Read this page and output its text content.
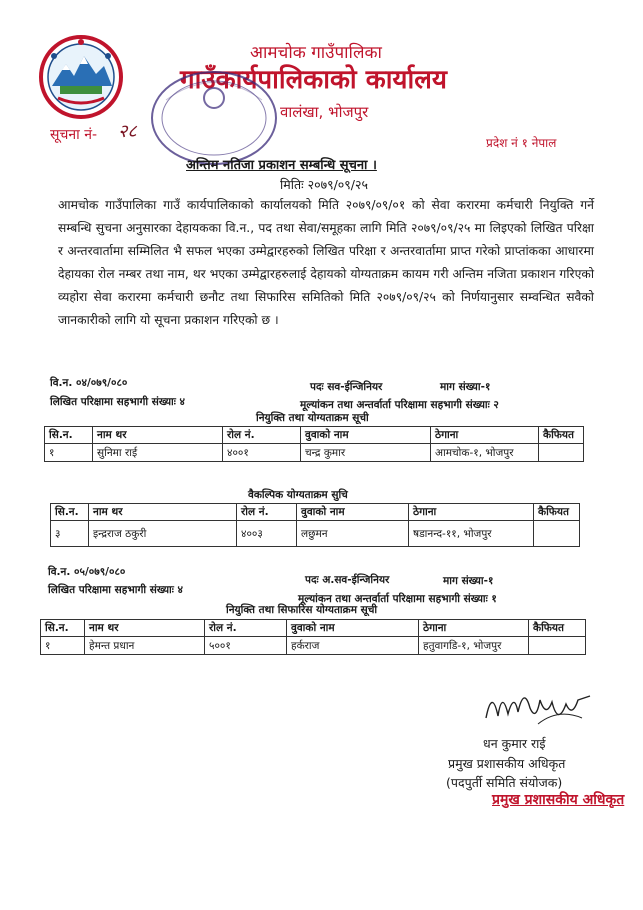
आमचोक गाउँपालिका
गाउँकार्यपालिकाको कार्यालय
वालंखा, भोजपुर
सूचना नं- २८
प्रदेश नं १ नेपाल
अन्तिम नतिजा प्रकाशन सम्बन्धि सूचना ।
मितिः २०७९/०९/२५
आमचोक गाउँपालिका गाउँ कार्यपालिकाको कार्यालयको मिति २०७९/०९/०१ को सेवा करारमा कर्मचारी नियुक्ति गर्ने सम्बन्धि सुचना अनुसारका देहायकका वि.न., पद तथा सेवा/समूहका लागि मिति २०७९/०९/२५ मा लिइएको लिखित परिक्षा र अन्तरवार्तामा सम्मिलित भै सफल भएका उम्मेद्वारहरुको लिखित परिक्षा र अन्तरवार्तामा प्राप्त गरेको प्राप्तांकका आधारमा देहायका रोल नम्बर तथा नाम, थर भएका उम्मेद्वारहरुलाई देहायको योग्यताक्रम कायम गरी अन्तिम नजिता प्रकाशन गरिएको व्यहोरा सेवा करारमा कर्मचारी छनौट तथा सिफारिस समितिको मिति २०७९/०९/२५ को निर्णयानुसार सम्वन्धित सवैको जानकारीको लागि यो सूचना प्रकाशन गरिएको छ ।
वि.न. ०४/०७९/०८०	पदः सव-ईन्जिनियर	माग संख्या-१
लिखित परिक्षामा सहभागी संख्याः ४	मूल्यांकन तथा अन्तर्वार्ता परिक्षामा सहभागी संख्याः २
नियुक्ति तथा योग्यताक्रम सूची
सि.न.	नाम थर	रोल नं.	वुवाको नाम	ठेगाना	कैफियत
१	सुनिमा राई	४००१	चन्द्र कुमार	आमचोक-१, भोजपुर	
वैकल्पिक योग्यताक्रम सुचि
सि.न.	नाम थर	रोल नं.	वुवाको नाम	ठेगाना	कैफियत
३	इन्द्रराज ठकुरी	४००३	लछुमन	षडानन्द-११, भोजपुर	
वि.न. ०५/०७९/०८०
पदः अ.सव-ईन्जिनियर	माग संख्या-१
लिखित परिक्षामा सहभागी संख्याः ४
मूल्यांकन तथा अन्तर्वार्ता परिक्षामा सहभागी संख्याः १
नियुक्ति तथा सिफारिस योग्यताक्रम सूची
सि.न.	नाम थर	रोल नं.	वुवाको नाम	ठेगाना	कैफियत
१	हेमन्त प्रधान	५००१	हर्कराज	हतुवागडि-१, भोजपुर	
धन कुमार राई
प्रमुख प्रशासकीय अधिकृत
(पदपुर्ती समिति संयोजक)
प्रमुख प्रशासकीय अधिकृत
